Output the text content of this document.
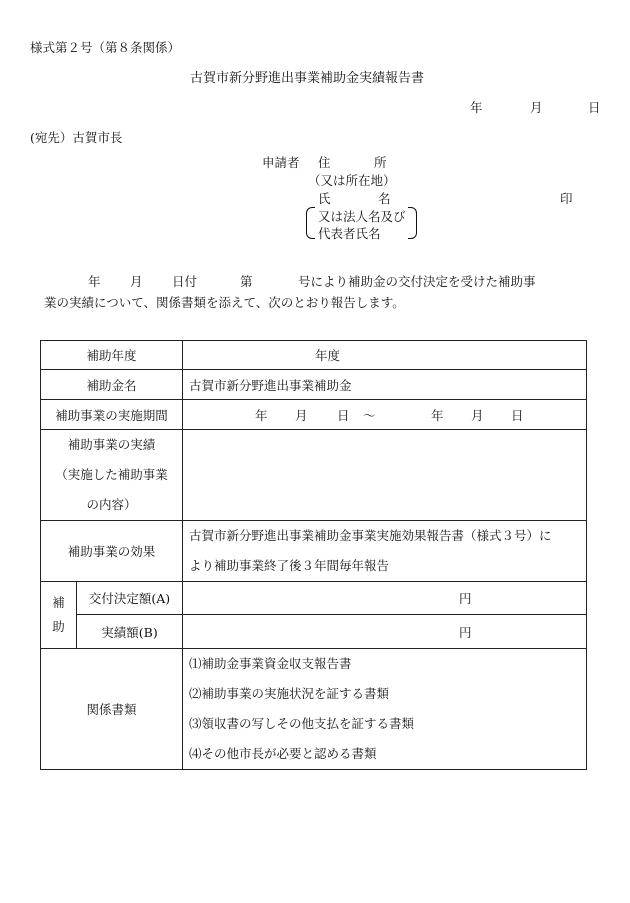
様式第２号（第８条関係）
古賀市新分野進出事業補助金実績報告書
年	月	日
(宛先）古賀市長
申請者 住	所
（又は所在地）
氏	名	印
又は法人名及び
代表者氏名
年 月 日付	第	号により補助金の交付決定を受けた補助事
業の実績について、関係書類を添えて、次のとおり報告します。
補助年度		年度
補助金名		古賀市新分野進出事業補助金
補助事業の実施期間		年 月 日 ～ 年 月 日

補助事業の実績
（実施した補助事業
の内容）		

補助事業の効果		古賀市新分野進出事業補助金事業実施効果報告書（様式３号）に
より補助事業終了後３年間毎年報告

補
助	交付決定額(A)	円
	実績額(B)	円
関係書類		⑴補助金事業資金収支報告書
⑵補助事業の実施状況を証する書類
⑶領収書の写しその他支払を証する書類
⑷その他市長が必要と認める書類
